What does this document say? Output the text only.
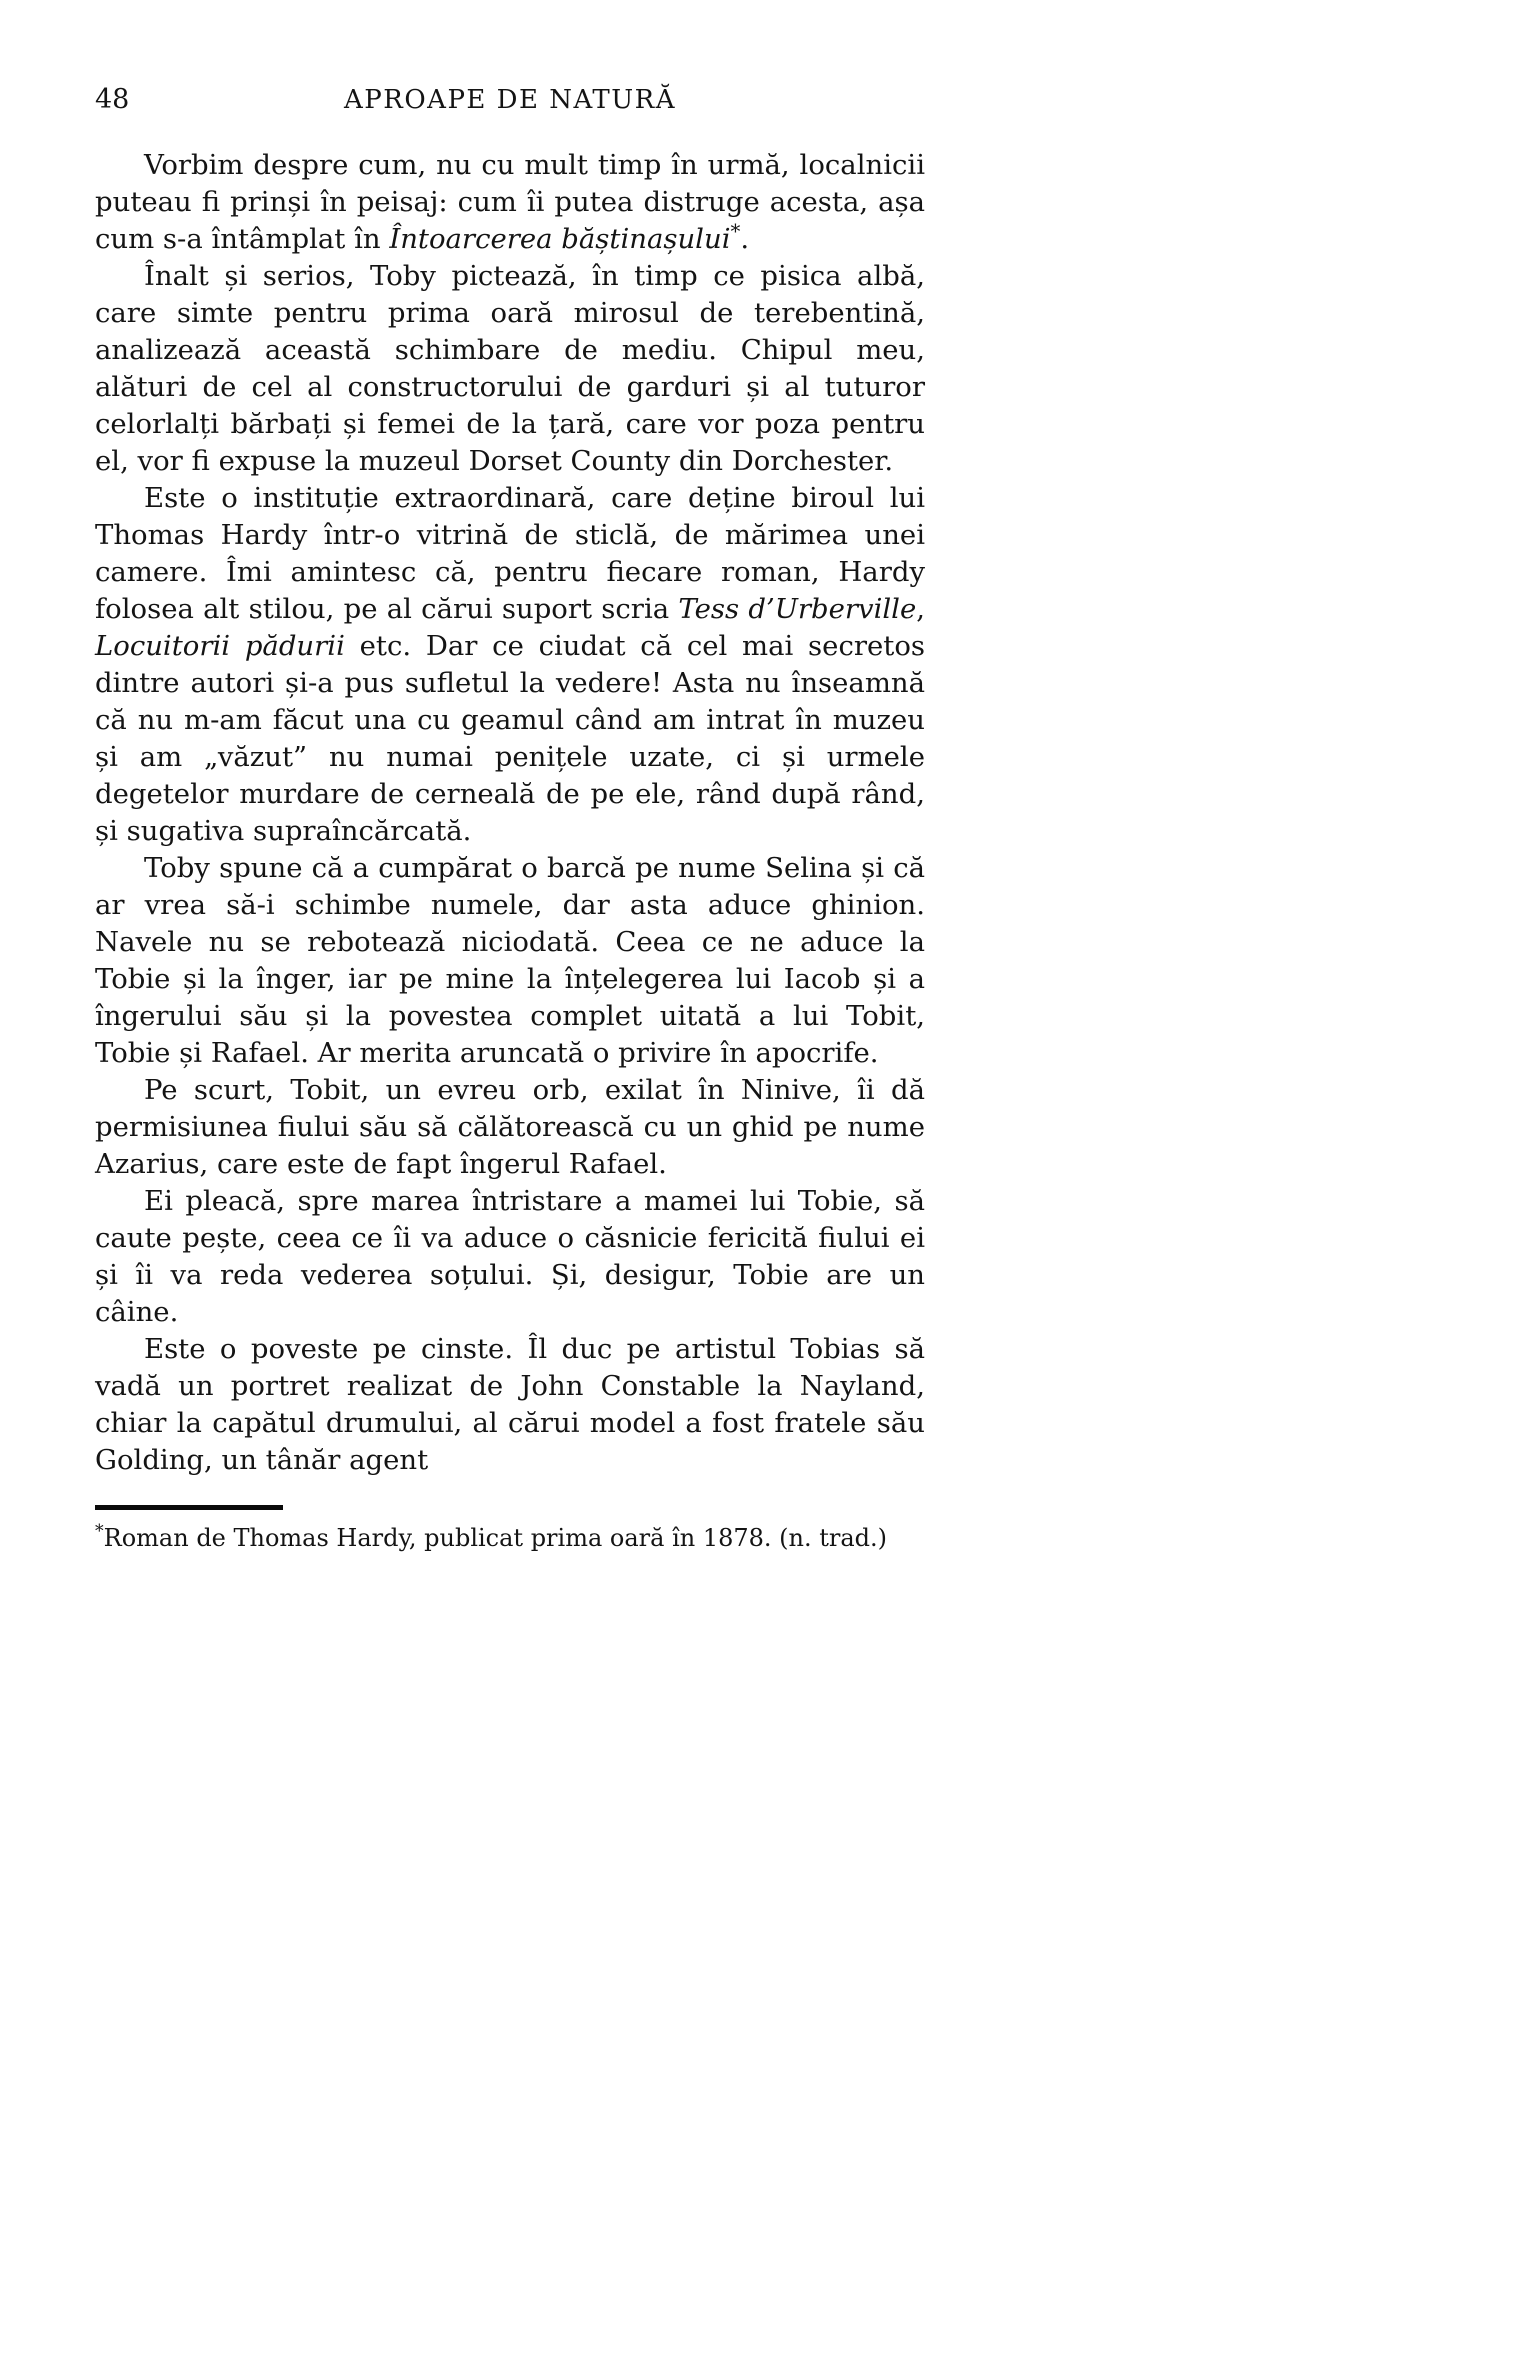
48	APROAPE DE NATURĂ

Vorbim despre cum, nu cu mult timp în urmă, localnicii puteau fi prinși în peisaj: cum îi putea distruge acesta, așa cum s-a întâmplat în Întoarcerea băștinașului*.

Înalt și serios, Toby pictează, în timp ce pisica albă, care simte pentru prima oară mirosul de terebentină, analizează această schimbare de mediu. Chipul meu, alături de cel al constructorului de garduri și al tuturor celorlalți bărbați și femei de la țară, care vor poza pentru el, vor fi expuse la muzeul Dorset County din Dorchester.

Este o instituție extraordinară, care deține biroul lui Thomas Hardy într-o vitrină de sticlă, de mărimea unei camere. Îmi amintesc că, pentru fiecare roman, Hardy folosea alt stilou, pe al cărui suport scria Tess d’Urberville, Locuitorii pădurii etc. Dar ce ciudat că cel mai secretos dintre autori și-a pus sufletul la vedere! Asta nu înseamnă că nu m-am făcut una cu geamul când am intrat în muzeu și am „văzut” nu numai penițele uzate, ci și urmele degetelor murdare de cerneală de pe ele, rând după rând, și sugativa supraîncărcată.

Toby spune că a cumpărat o barcă pe nume Selina și că ar vrea să-i schimbe numele, dar asta aduce ghinion. Navele nu se rebotează niciodată. Ceea ce ne aduce la Tobie și la înger, iar pe mine la înțelegerea lui Iacob și a îngerului său și la povestea complet uitată a lui Tobit, Tobie și Rafael. Ar merita aruncată o privire în apocrife.

Pe scurt, Tobit, un evreu orb, exilat în Ninive, îi dă permisiunea fiului său să călătorească cu un ghid pe nume Azarius, care este de fapt îngerul Rafael.

Ei pleacă, spre marea întristare a mamei lui Tobie, să caute pește, ceea ce îi va aduce o căsnicie fericită fiului ei și îi va reda vederea soțului. Și, desigur, Tobie are un câine.

Este o poveste pe cinste. Îl duc pe artistul Tobias să vadă un portret realizat de John Constable la Nayland, chiar la capătul drumului, al cărui model a fost fratele său Golding, un tânăr agent

*Roman de Thomas Hardy, publicat prima oară în 1878. (n. trad.)
